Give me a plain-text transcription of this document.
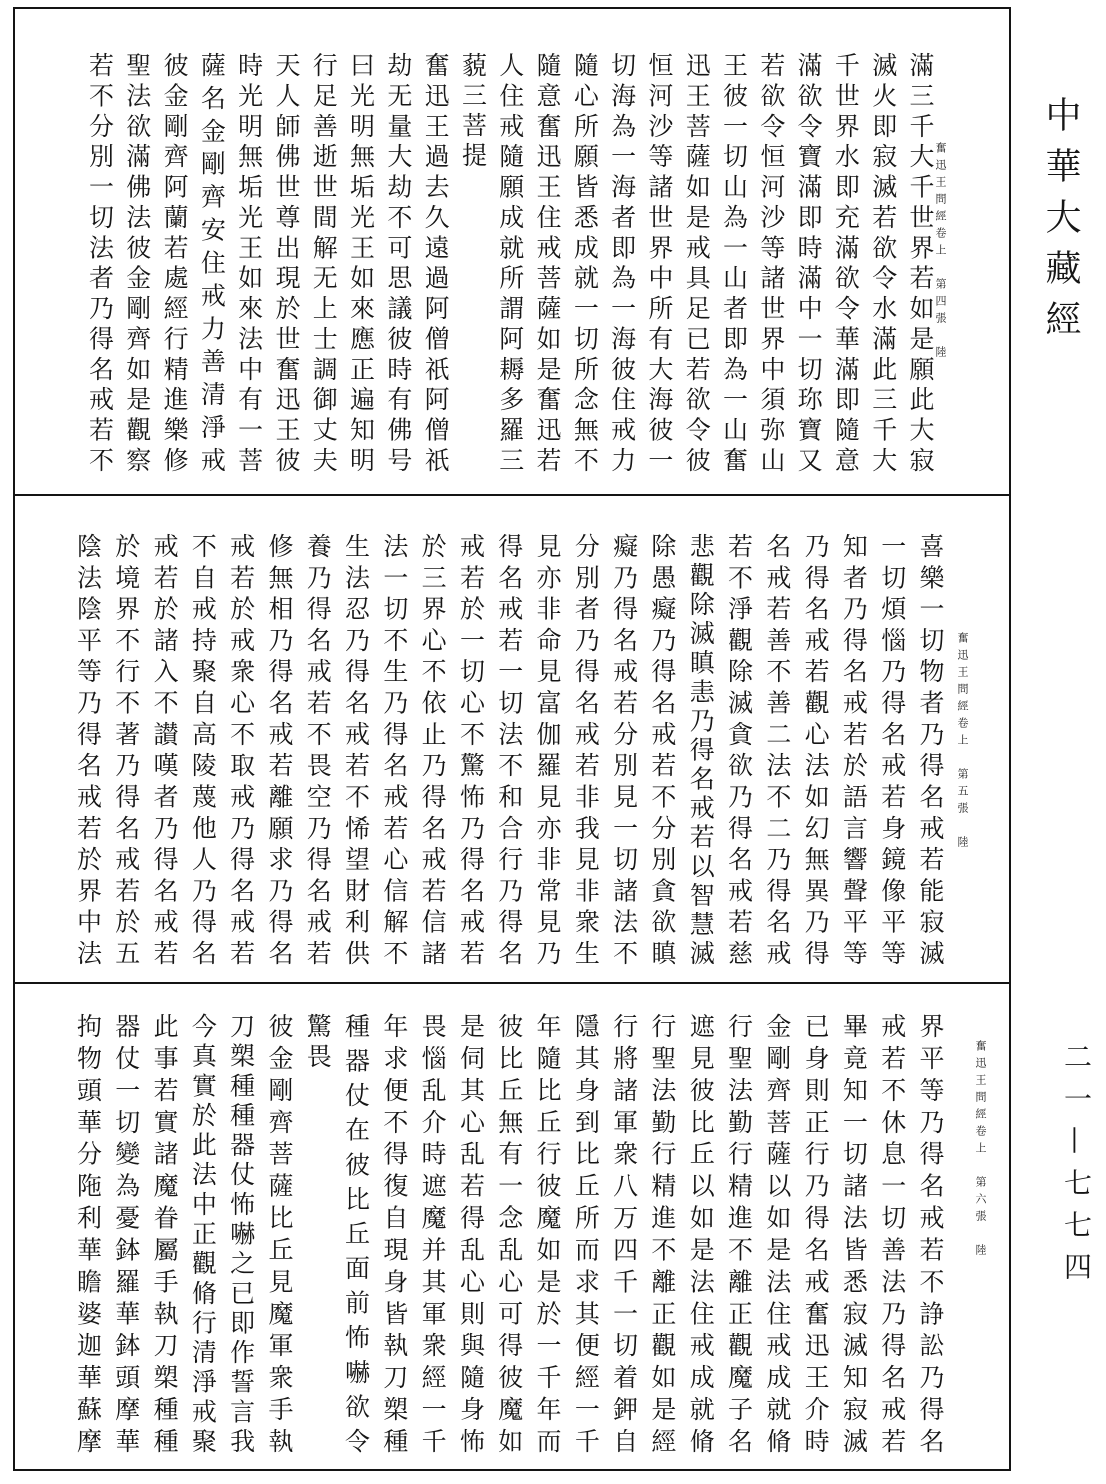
中華大藏經
二一—七七四
奮迅王問經卷上　第四張　陸

滿三千大千世界若如是願此大寂

滅火即寂滅若欲令水滿此三千大

千世界水即充滿欲令華滿即隨意

滿欲令寶滿即時滿中一切珎寶又

若欲令恒河沙等諸世界中須弥山

王彼一切山為一山者即為一山奮

迅王菩薩如是戒具足已若欲令彼

恒河沙等諸世界中所有大海彼一

切海為一海者即為一海彼住戒力

隨心所願皆悉成就一切所念無不

隨意奮迅王住戒菩薩如是奮迅若

人住戒隨願成就所謂阿耨多羅三

藐三菩提

奮迅王過去久遠過阿僧祇阿僧祇

劫无量大劫不可思議彼時有佛号

曰光明無垢光王如來應正遍知明

行足善逝世間解无上士調御丈夫

天人師佛世尊出現於世奮迅王彼

時光明無垢光王如來法中有一菩

薩名金剛齊安住戒力善清淨戒

彼金剛齊阿蘭若處經行精進樂修

聖法欲滿佛法彼金剛齊如是觀察

若不分別一切法者乃得名戒若不

奮迅王問經卷上　第五張　陸

喜樂一切物者乃得名戒若能寂滅

一切煩惱乃得名戒若身鏡像平等

知者乃得名戒若於語言響聲平等

乃得名戒若觀心法如幻無異乃得

名戒若善不善二法不二乃得名戒

若不淨觀除滅貪欲乃得名戒若慈

悲觀除滅瞋恚乃得名戒若以智慧滅

除愚癡乃得名戒若不分別貪欲瞋

癡乃得名戒若分別見一切諸法不

分別者乃得名戒若非我見非衆生

見亦非命見富伽羅見亦非常見乃

得名戒若一切法不和合行乃得名

戒若於一切心不驚怖乃得名戒若

於三界心不依止乃得名戒若信諸

法一切不生乃得名戒若心信解不

生法忍乃得名戒若不悕望財利供

養乃得名戒若不畏空乃得名戒若

修無相乃得名戒若離願求乃得名

戒若於戒衆心不取戒乃得名戒若

不自戒持聚自高陵蔑他人乃得名

戒若於諸入不讃嘆者乃得名戒若

於境界不行不著乃得名戒若於五

陰法陰平等乃得名戒若於界中法

奮迅王問經卷上　第六張　陸

界平等乃得名戒若不諍訟乃得名

戒若不休息一切善法乃得名戒若

畢竟知一切諸法皆悉寂滅知寂滅

已身則正行乃得名戒奮迅王介時

金剛齊菩薩以如是法住戒成就脩

行聖法勤行精進不離正觀魔子名

遮見彼比丘以如是法住戒成就脩

行聖法勤行精進不離正觀如是經

行將諸軍衆八万四千一切着鉀自

隱其身到比丘所而求其便經一千

年隨比丘行彼魔如是於一千年而

彼比丘無有一念乱心可得彼魔如

是伺其心乱若得乱心則與隨身怖

畏惱乱介時遮魔并其軍衆經一千

年求便不得復自現身皆執刀槊種

種器仗在彼比丘面前怖嚇欲令

驚畏

彼金剛齊菩薩比丘見魔軍衆手執

刀槊種種器仗怖嚇之已即作誓言我

今真實於此法中正觀脩行清淨戒聚

此事若實諸魔眷屬手執刀槊種種

器仗一切變為憂鉢羅華鉢頭摩華

拘物頭華分陁利華瞻婆迦華蘇摩
